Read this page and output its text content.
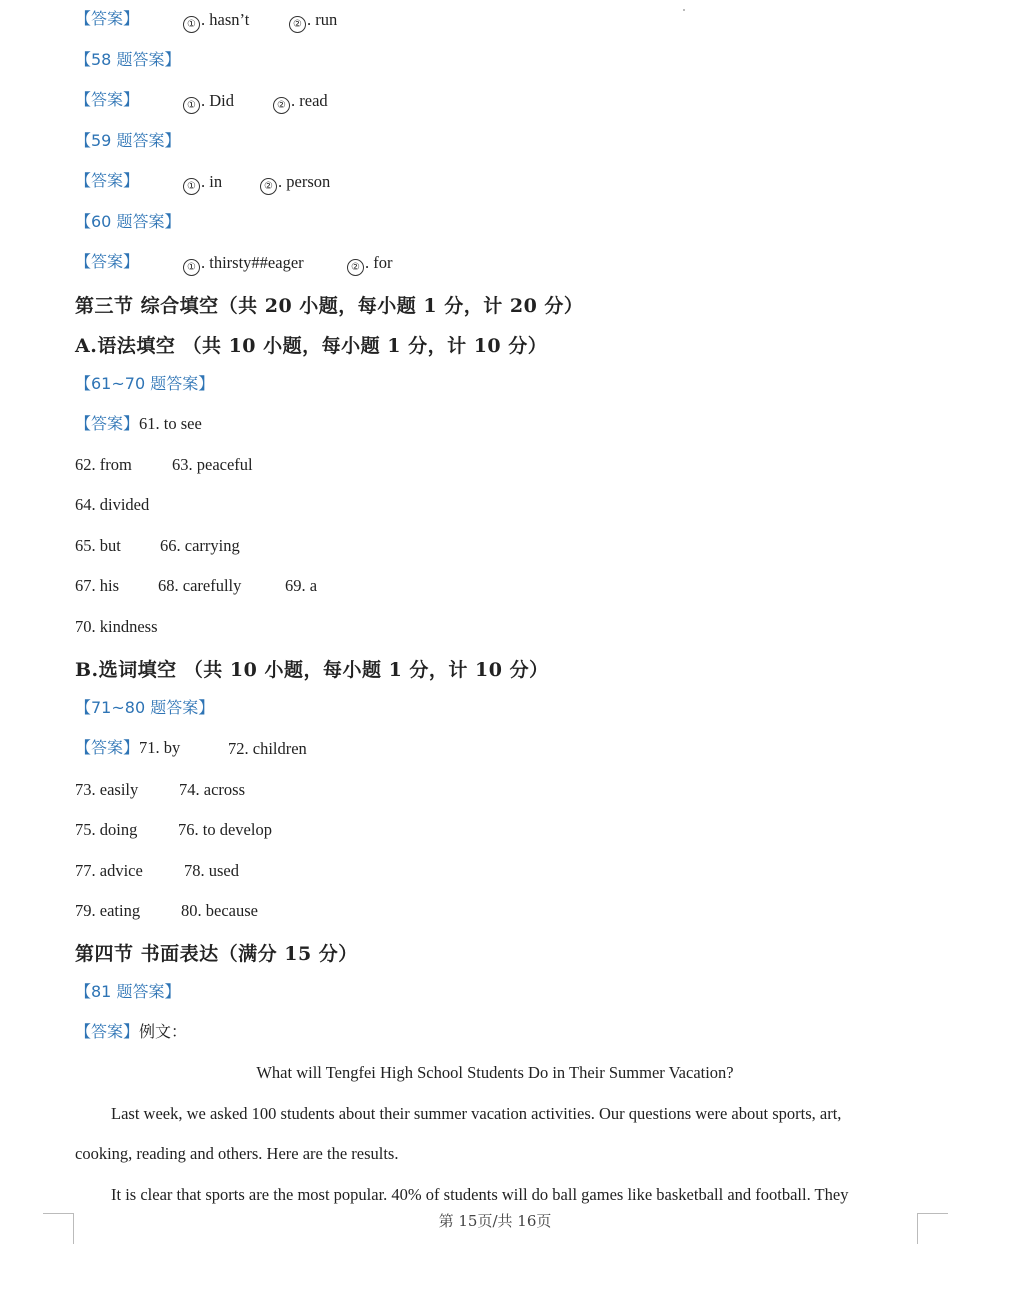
【答案】	① . hasn’t	② . run
【58 题答案】
【答案】	① . Did	② . read
【59 题答案】
【答案】	① . in	② . person
【60 题答案】
【答案】	① . thirsty##eager	② . for
第三节 综合填空（共 20 小题，每小题 1 分，计 20 分）
A.语法填空 （共 10 小题，每小题 1 分，计 10 分）
【61~70 题答案】
【答案】61. to see
62. from 63. peaceful
64. divided
65. but 66. carrying
67. his 68. carefully	69. a
70. kindness
B.选词填空 （共 10 小题，每小题 1 分，计 10 分）
【71~80 题答案】
【答案】71. by	72. children
73. easily 74. across
75. doing 76. to develop
77. advice 78. used
79. eating 80. because
第四节 书面表达（满分 15 分）
【81 题答案】
【答案】例文：
What will Tengfei High School Students Do in Their Summer Vacation?
Last week, we asked 100 students about their summer vacation activities. Our questions were about sports, art,
cooking, reading and others. Here are the results.
It is clear that sports are the most popular. 40% of students will do ball games like basketball and football. They
第 15页/共 16页
